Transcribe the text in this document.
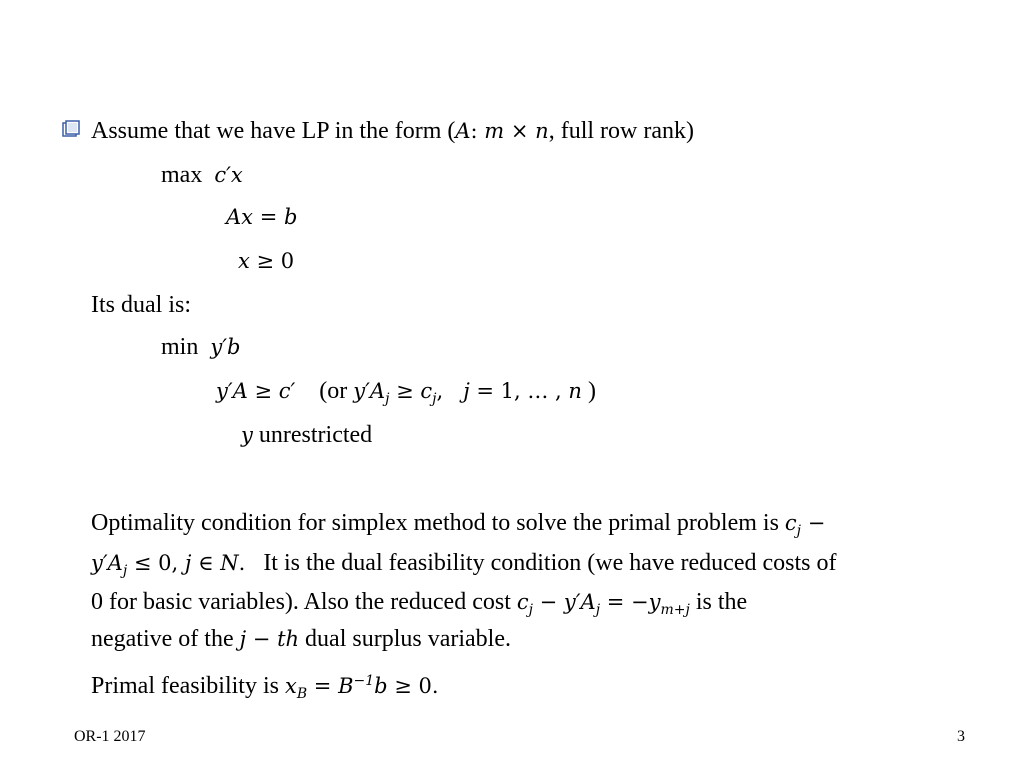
Assume that we have LP in the form (A: m × n, full row rank)
max c′x
Ax = b
x ≥ 0
Its dual is:
min y′b
y′A ≥ c′ (or $y'A_j \ge c_j$,   j = 1, … , n )
y unrestricted
Optimality condition for simplex method to solve the primal problem is $c_j$ −
$y'A_j \le 0$, j ∈ N. It is the dual feasibility condition (we have reduced costs of
0 for basic variables). Also the reduced cost $c_j - y'A_j = -y_{m+j}$ is the
negative of the j − th dual surplus variable.
Primal feasibility is $x_B = B^{-1}b \ge 0$.
OR-1 2017	3
